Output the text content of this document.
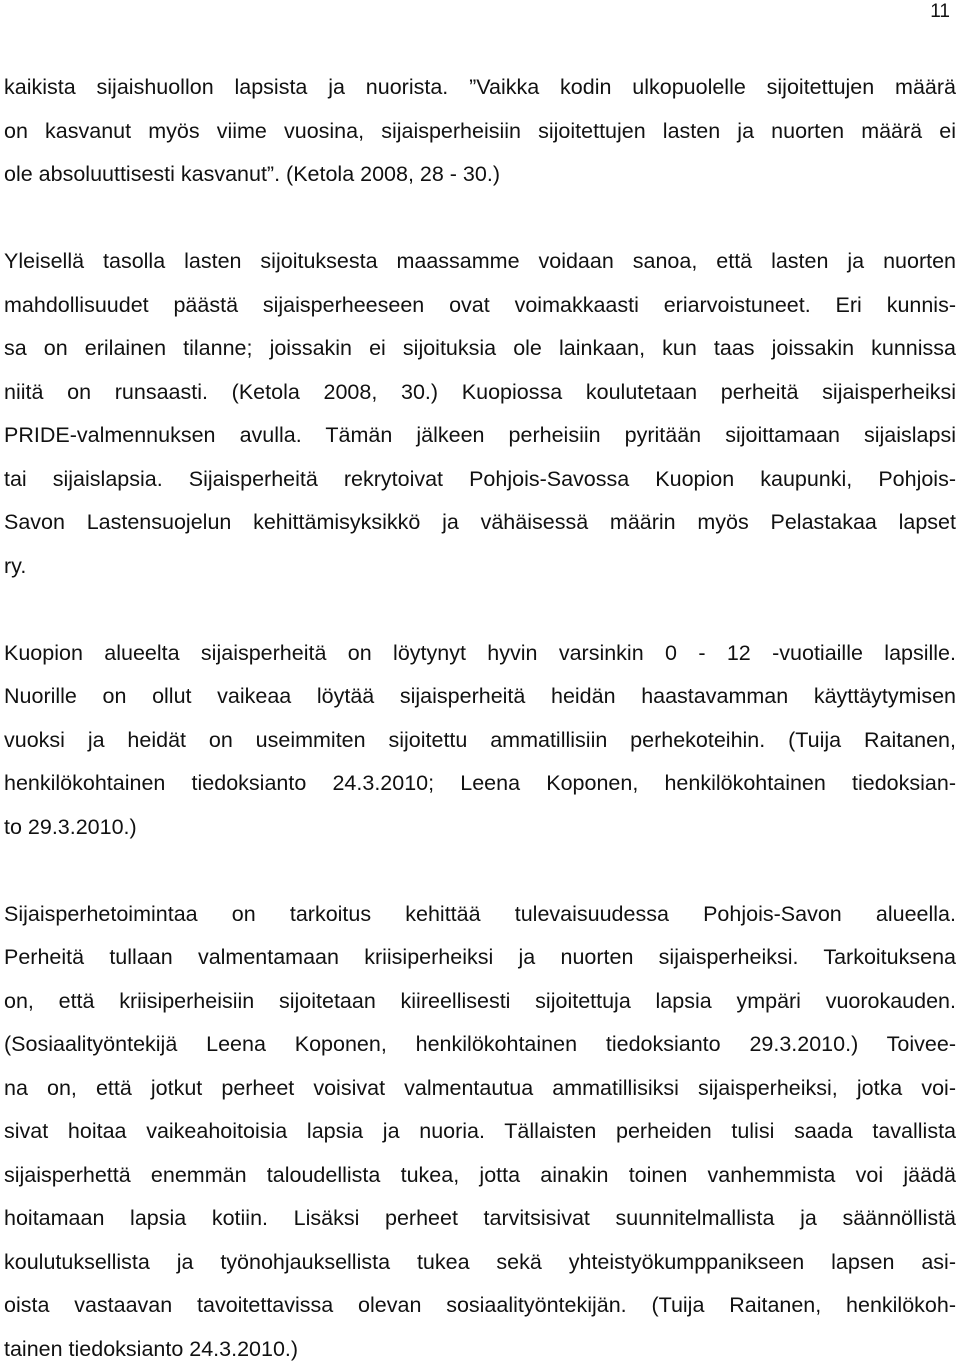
11

kaikista sijaishuollon lapsista ja nuorista. ”Vaikka kodin ulkopuolelle sijoitettujen määrä
on kasvanut myös viime vuosina, sijaisperheisiin sijoitettujen lasten ja nuorten määrä ei
ole absoluuttisesti kasvanut”. (Ketola 2008, 28 - 30.)

Yleisellä tasolla lasten sijoituksesta maassamme voidaan sanoa, että lasten ja nuorten
mahdollisuudet päästä sijaisperheeseen ovat voimakkaasti eriarvoistuneet. Eri kunnis-
sa on erilainen tilanne; joissakin ei sijoituksia ole lainkaan, kun taas joissakin kunnissa
niitä on runsaasti. (Ketola 2008, 30.) Kuopiossa koulutetaan perheitä sijaisperheiksi
PRIDE-valmennuksen avulla. Tämän jälkeen perheisiin pyritään sijoittamaan sijaislapsi
tai sijaislapsia. Sijaisperheitä rekrytoivat Pohjois-Savossa Kuopion kaupunki, Pohjois-
Savon Lastensuojelun kehittämisyksikkö ja vähäisessä määrin myös Pelastakaa lapset
ry.

Kuopion alueelta sijaisperheitä on löytynyt hyvin varsinkin 0 - 12 -vuotiaille lapsille.
Nuorille on ollut vaikeaa löytää sijaisperheitä heidän haastavamman käyttäytymisen
vuoksi ja heidät on useimmiten sijoitettu ammatillisiin perhekoteihin. (Tuija Raitanen,
henkilökohtainen tiedoksianto 24.3.2010; Leena Koponen, henkilökohtainen tiedoksian-
to 29.3.2010.)

Sijaisperhetoimintaa on tarkoitus kehittää tulevaisuudessa Pohjois-Savon alueella.
Perheitä tullaan valmentamaan kriisiperheiksi ja nuorten sijaisperheiksi. Tarkoituksena
on, että kriisiperheisiin sijoitetaan kiireellisesti sijoitettuja lapsia ympäri vuorokauden.
(Sosiaalityöntekijä Leena Koponen, henkilökohtainen tiedoksianto 29.3.2010.) Toivee-
na on, että jotkut perheet voisivat valmentautua ammatillisiksi sijaisperheiksi, jotka voi-
sivat hoitaa vaikeahoitoisia lapsia ja nuoria. Tällaisten perheiden tulisi saada tavallista
sijaisperhettä enemmän taloudellista tukea, jotta ainakin toinen vanhemmista voi jäädä
hoitamaan lapsia kotiin. Lisäksi perheet tarvitsisivat suunnitelmallista ja säännöllistä
koulutuksellista ja työnohjauksellista tukea sekä yhteistyökumppanikseen lapsen asi-
oista vastaavan tavoitettavissa olevan sosiaalityöntekijän. (Tuija Raitanen, henkilökoh-
tainen tiedoksianto 24.3.2010.)
